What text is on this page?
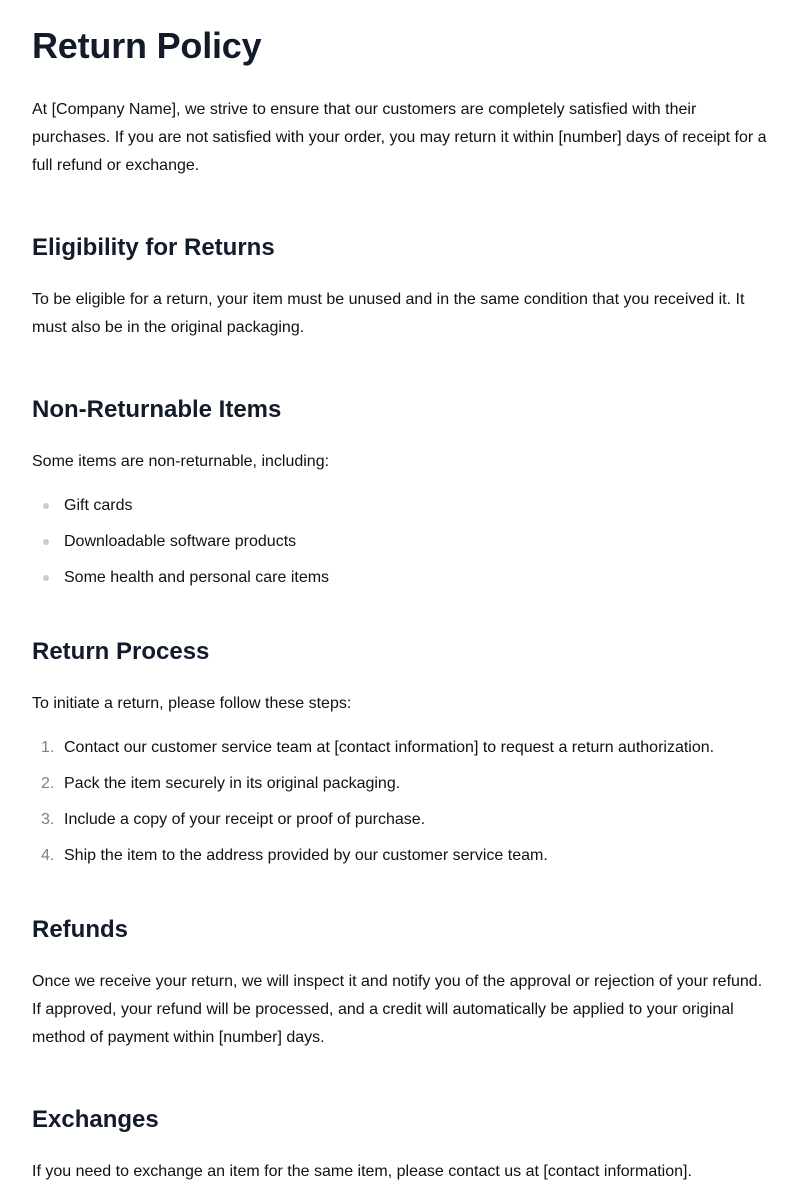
Return Policy

At [Company Name], we strive to ensure that our customers are completely satisfied with their purchases. If you are not satisfied with your order, you may return it within [number] days of receipt for a full refund or exchange.

Eligibility for Returns

To be eligible for a return, your item must be unused and in the same condition that you received it. It must also be in the original packaging.

Non-Returnable Items

Some items are non-returnable, including:

Gift cards
Downloadable software products
Some health and personal care items
Return Process

To initiate a return, please follow these steps:

1. Contact our customer service team at [contact information] to request a return authorization.
2. Pack the item securely in its original packaging.
3. Include a copy of your receipt or proof of purchase.
4. Ship the item to the address provided by our customer service team.
Refunds

Once we receive your return, we will inspect it and notify you of the approval or rejection of your refund. If approved, your refund will be processed, and a credit will automatically be applied to your original method of payment within [number] days.

Exchanges

If you need to exchange an item for the same item, please contact us at [contact information].
